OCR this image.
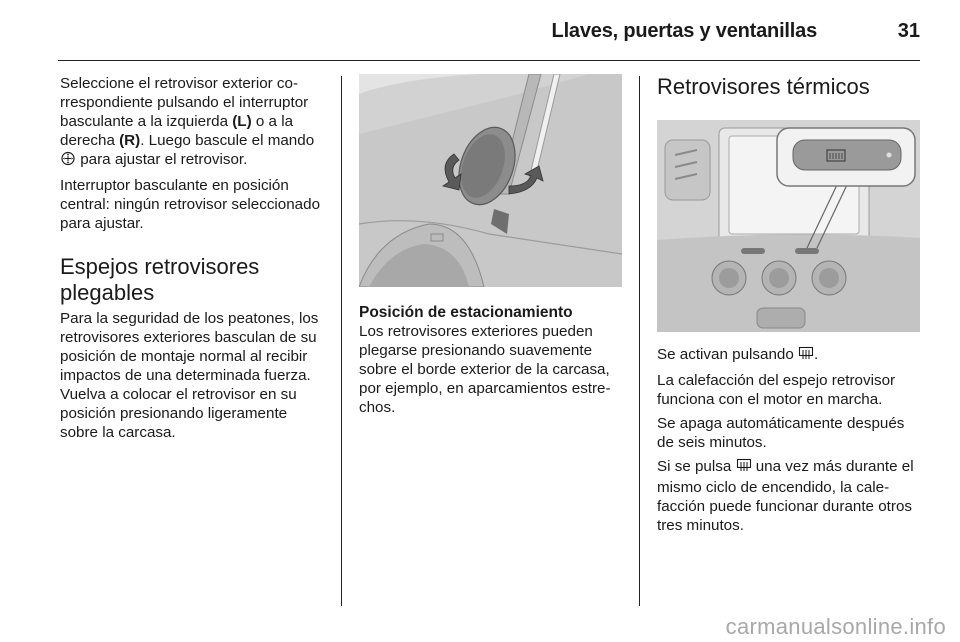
Llaves, puertas y ventanillas	31

Seleccione el retrovisor exterior correspondiente pulsando el interruptor basculante a la izquierda (L) o a la derecha (R). Luego bascule el mando  para ajustar el retrovisor.

Interruptor basculante en posición central: ningún retrovisor seleccionado para ajustar.

Espejos retrovisores plegables

Para la seguridad de los peatones, los retrovisores exteriores basculan de su posición de montaje normal al recibir impactos de una determinada fuerza. Vuelva a colocar el retrovisor en su posición presionando ligeramente sobre la carcasa.

Posición de estacionamiento

Los retrovisores exteriores pueden plegarse presionando suavemente sobre el borde exterior de la carcasa, por ejemplo, en aparcamientos estrechos.

Retrovisores térmicos

Se activan pulsando .

La calefacción del espejo retrovisor funciona con el motor en marcha.

Se apaga automáticamente después de seis minutos.

Si se pulsa  una vez más durante el mismo ciclo de encendido, la calefacción puede funcionar durante otros tres minutos.

carmanualsonline.info
